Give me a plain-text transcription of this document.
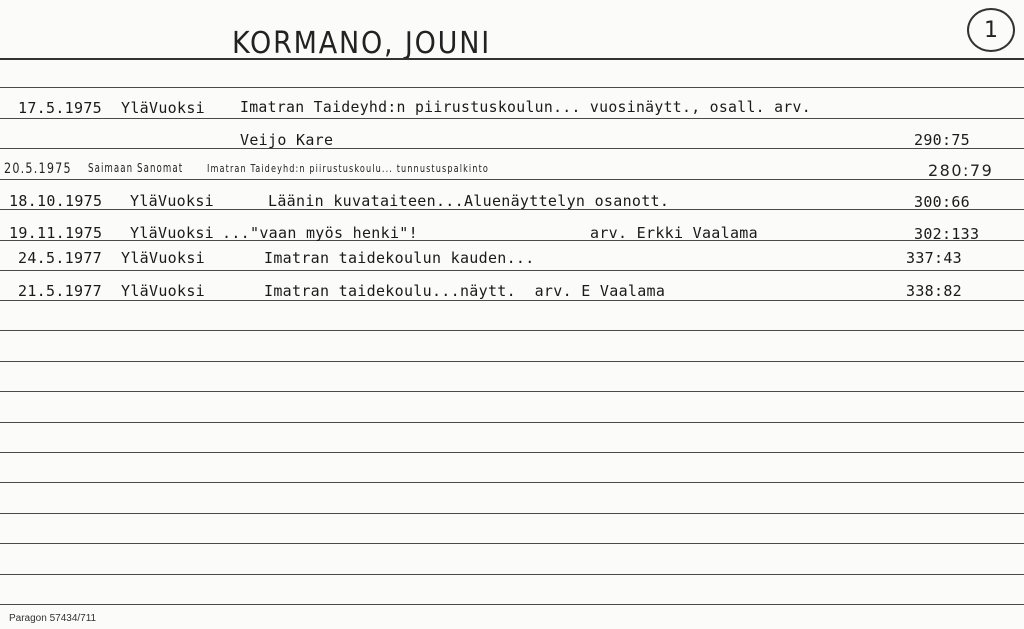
KORMANO, JOUNI	1
17.5.1975 YläVuoksi Imatran Taideyhd:n piirustuskoulun... vuosinäytt., osall. arv.
Veijo Kare	290:75
20.5.1975 Saimaan Sanomat Imatran Taideyhd:n piirustuskoulu... tunnustuspalkinto	280:79
18.10.1975 YläVuoksi	Läänin kuvataiteen...Aluenäyttelyn osanott.	300:66
19.11.1975 YläVuoksi ..."vaan myös henki"!	arv. Erkki Vaalama	302:133
24.5.1977 YläVuoksi	Imatran taidekoulun kauden...	337:43
21.5.1977 YläVuoksi	Imatran taidekoulu...näytt.  arv. E Vaalama	338:82
Paragon 57434/711
